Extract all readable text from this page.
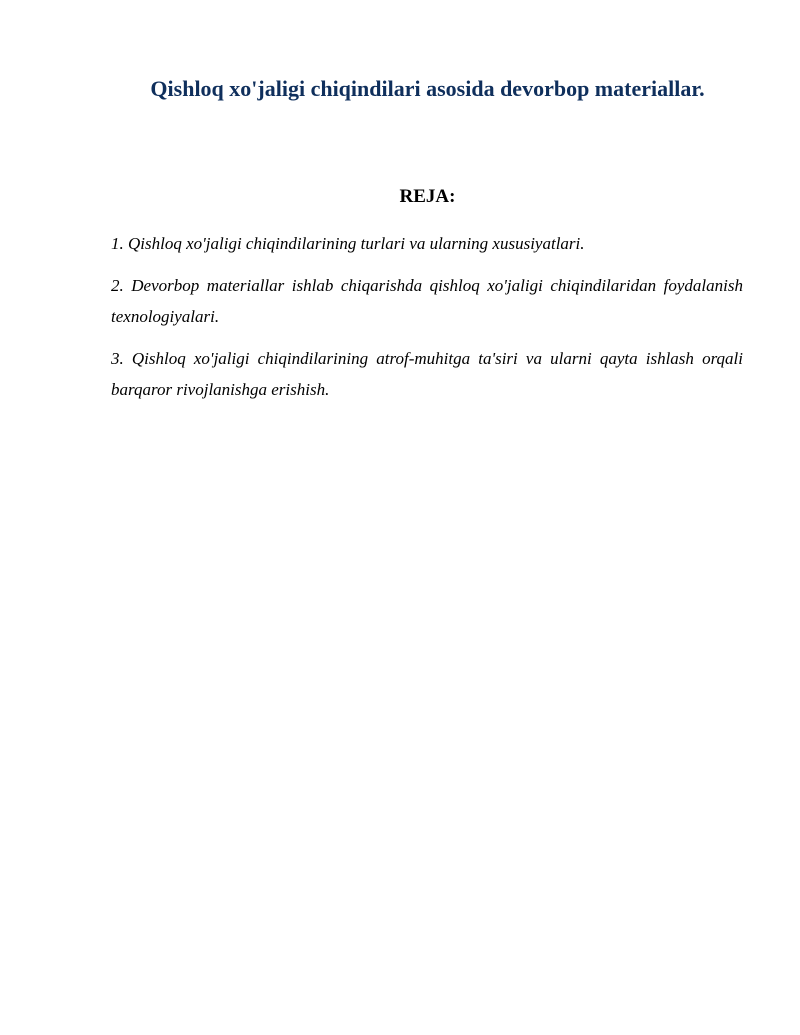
Qishloq xo'jaligi chiqindilari asosida devorbop materiallar.
REJA:
1. Qishloq xo'jaligi chiqindilarining turlari va ularning xususiyatlari.
2. Devorbop materiallar ishlab chiqarishda qishloq xo'jaligi chiqindilaridan foydalanish texnologiyalari.
3. Qishloq xo'jaligi chiqindilarining atrof-muhitga ta'siri va ularni qayta ishlash orqali barqaror rivojlanishga erishish.
